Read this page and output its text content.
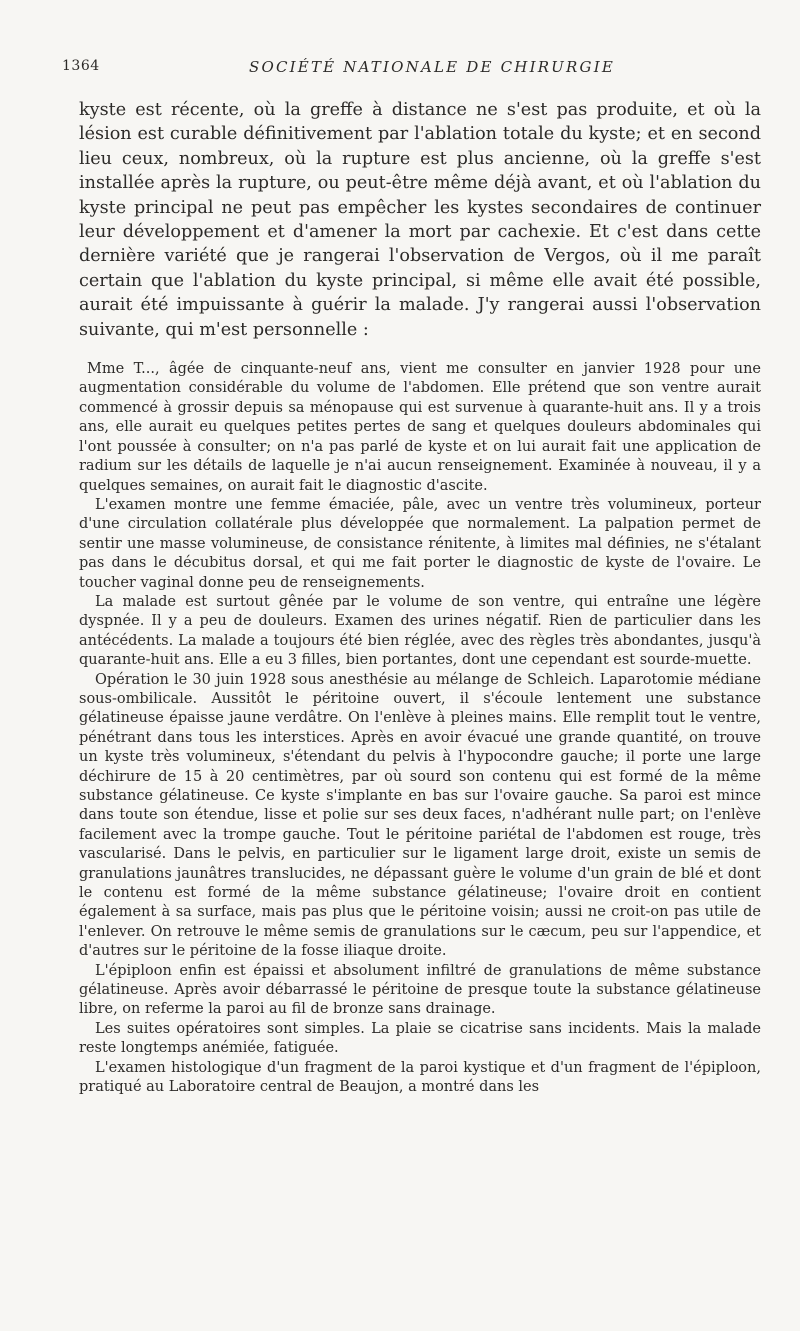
1364	SOCIÉTÉ NATIONALE DE CHIRURGIE

kyste est récente, où la greffe à distance ne s'est pas produite, et où la lésion est curable définitivement par l'ablation totale du kyste; et en second lieu ceux, nombreux, où la rupture est plus ancienne, où la greffe s'est installée après la rupture, ou peut-être même déjà avant, et où l'ablation du kyste principal ne peut pas empêcher les kystes secondaires de continuer leur développement et d'amener la mort par cachexie. Et c'est dans cette dernière variété que je rangerai l'observation de Vergos, où il me paraît certain que l'ablation du kyste principal, si même elle avait été possible, aurait été impuissante à guérir la malade. J'y rangerai aussi l'observation suivante, qui m'est personnelle :

Mme T..., âgée de cinquante-neuf ans, vient me consulter en janvier 1928 pour une augmentation considérable du volume de l'abdomen. Elle prétend que son ventre aurait commencé à grossir depuis sa ménopause qui est survenue à quarante-huit ans. Il y a trois ans, elle aurait eu quelques petites pertes de sang et quelques douleurs abdominales qui l'ont poussée à consulter; on n'a pas parlé de kyste et on lui aurait fait une application de radium sur les détails de laquelle je n'ai aucun renseignement. Examinée à nouveau, il y a quelques semaines, on aurait fait le diagnostic d'ascite.

L'examen montre une femme émaciée, pâle, avec un ventre très volumineux, porteur d'une circulation collatérale plus développée que normalement. La palpation permet de sentir une masse volumineuse, de consistance rénitente, à limites mal définies, ne s'étalant pas dans le décubitus dorsal, et qui me fait porter le diagnostic de kyste de l'ovaire. Le toucher vaginal donne peu de renseignements.

La malade est surtout gênée par le volume de son ventre, qui entraîne une légère dyspnée. Il y a peu de douleurs. Examen des urines négatif. Rien de particulier dans les antécédents. La malade a toujours été bien réglée, avec des règles très abondantes, jusqu'à quarante-huit ans. Elle a eu 3 filles, bien portantes, dont une cependant est sourde-muette.

Opération le 30 juin 1928 sous anesthésie au mélange de Schleich. Laparotomie médiane sous-ombilicale. Aussitôt le péritoine ouvert, il s'écoule lentement une substance gélatineuse épaisse jaune verdâtre. On l'enlève à pleines mains. Elle remplit tout le ventre, pénétrant dans tous les interstices. Après en avoir évacué une grande quantité, on trouve un kyste très volumineux, s'étendant du pelvis à l'hypocondre gauche; il porte une large déchirure de 15 à 20 centimètres, par où sourd son contenu qui est formé de la même substance gélatineuse. Ce kyste s'implante en bas sur l'ovaire gauche. Sa paroi est mince dans toute son étendue, lisse et polie sur ses deux faces, n'adhérant nulle part; on l'enlève facilement avec la trompe gauche. Tout le péritoine pariétal de l'abdomen est rouge, très vascularisé. Dans le pelvis, en particulier sur le ligament large droit, existe un semis de granulations jaunâtres translucides, ne dépassant guère le volume d'un grain de blé et dont le contenu est formé de la même substance gélatineuse; l'ovaire droit en contient également à sa surface, mais pas plus que le péritoine voisin; aussi ne croit-on pas utile de l'enlever. On retrouve le même semis de granulations sur le cæcum, peu sur l'appendice, et d'autres sur le péritoine de la fosse iliaque droite.

L'épiploon enfin est épaissi et absolument infiltré de granulations de même substance gélatineuse. Après avoir débarrassé le péritoine de presque toute la substance gélatineuse libre, on referme la paroi au fil de bronze sans drainage.

Les suites opératoires sont simples. La plaie se cicatrise sans incidents. Mais la malade reste longtemps anémiée, fatiguée.

L'examen histologique d'un fragment de la paroi kystique et d'un fragment de l'épiploon, pratiqué au Laboratoire central de Beaujon, a montré dans les
